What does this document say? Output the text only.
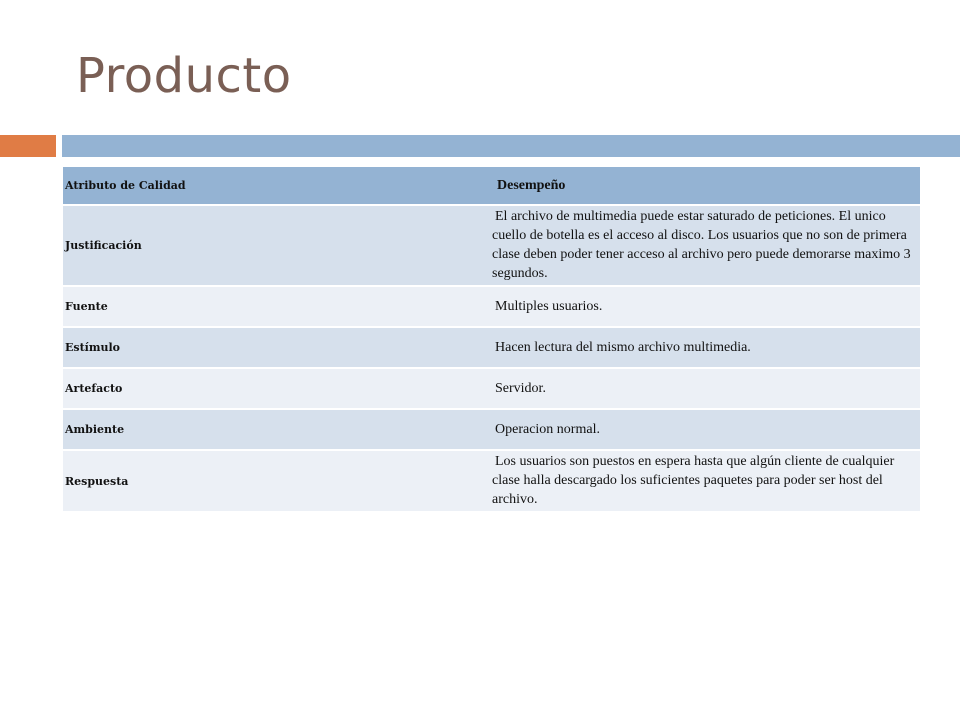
Producto
Atributo de Calidad	Desempeño
Justificación	El archivo de multimedia puede estar saturado de peticiones. El unico cuello de botella es el acceso al disco. Los usuarios que no son de primera clase deben poder tener acceso al archivo pero puede demorarse maximo 3 segundos.

Fuente	Multiples usuarios.

Estímulo	Hacen lectura del mismo archivo multimedia.

Artefacto	Servidor.

Ambiente	Operacion normal.

Respuesta	Los usuarios son puestos en espera hasta que algún cliente de cualquier clase halla descargado los suficientes paquetes para poder ser host del archivo.
